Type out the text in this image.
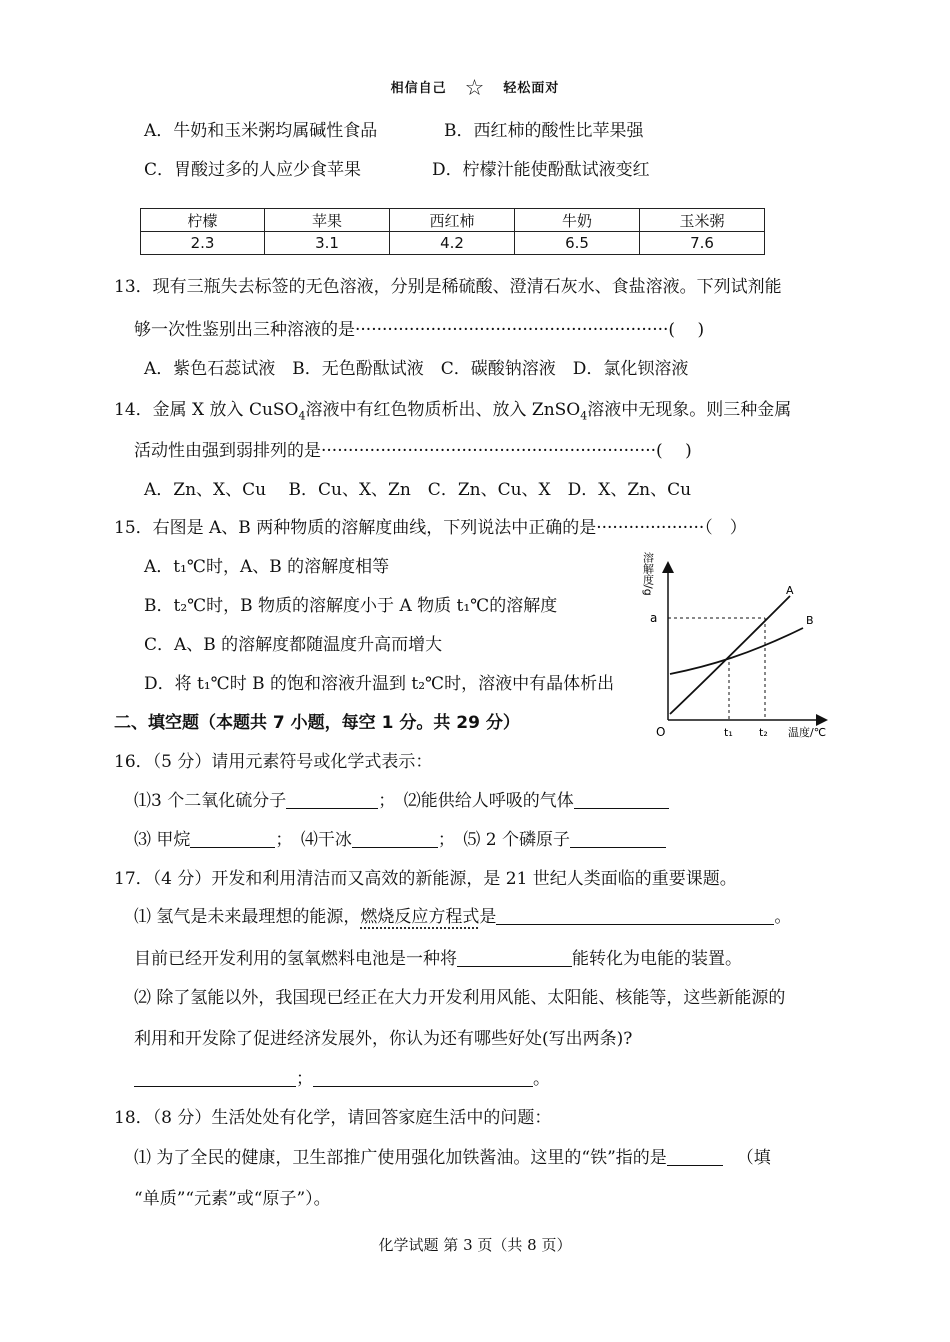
相信自己 ☆ 轻松面对
A．牛奶和玉米粥均属碱性食品	B．西红柿的酸性比苹果强
C．胃酸过多的人应少食苹果	D．柠檬汁能使酚酞试液变红
柠檬	苹果	西红柿	牛奶	玉米粥
2.3	3.1	4.2	6.5	7.6
13．现有三瓶失去标签的无色溶液，分别是稀硫酸、澄清石灰水、食盐溶液。下列试剂能
够一次性鉴别出三种溶液的是··························································(　 )
A．紫色石蕊试液　B．无色酚酞试液　C．碳酸钠溶液　D．氯化钡溶液
14．金属 X 放入 CuSO$_4$溶液中有红色物质析出、放入 ZnSO$_4$溶液中无现象。则三种金属
活动性由强到弱排列的是······························································(　 )
A．Zn、X、Cu　 B．Cu、X、Zn　C．Zn、Cu、X　D．X、Zn、Cu
15．右图是 A、B 两种物质的溶解度曲线，下列说法中正确的是····················（　）
A．t₁℃时，A、B 的溶解度相等
B．t₂℃时，B 物质的溶解度小于 A 物质 t₁℃的溶解度
C．A、B 的溶解度都随温度升高而增大
D．将 t₁℃时 B 的饱和溶液升温到 t₂℃时，溶液中有晶体析出
溶解度/g
a
O	t₁ t₂ 温度/℃
A
B
二、填空题（本题共 7 小题，每空 1 分。共 29 分）
16．（5 分）请用元素符号或化学式表示：
⑴3 个二氧化硫分子	；　⑵能供给人呼吸的气体
⑶ 甲烷	；　⑷干冰	；　⑸ 2 个磷原子
17．（4 分）开发和利用清洁而又高效的新能源，是 21 世纪人类面临的重要课题。
⑴ 氢气是未来最理想的能源，燃烧反应方程式是	。
目前已经开发利用的氢氧燃料电池是一种将	能转化为电能的装置。
⑵ 除了氢能以外，我国现已经正在大力开发利用风能、太阳能、核能等，这些新能源的
利用和开发除了促进经济发展外，你认为还有哪些好处(写出两条)?
；	。
18．（8 分）生活处处有化学，请回答家庭生活中的问题：
⑴ 为了全民的健康，卫生部推广使用强化加铁酱油。这里的“铁”指的是	（填
“单质”“元素”或“原子”）。
化学试题 第 3 页（共 8 页）
